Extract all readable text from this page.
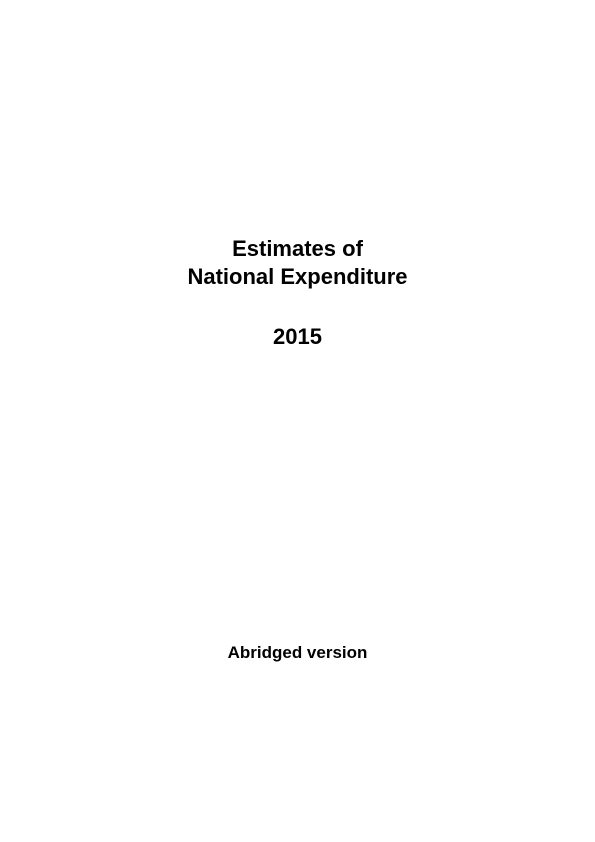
Estimates of
National Expenditure
2015
Abridged version
